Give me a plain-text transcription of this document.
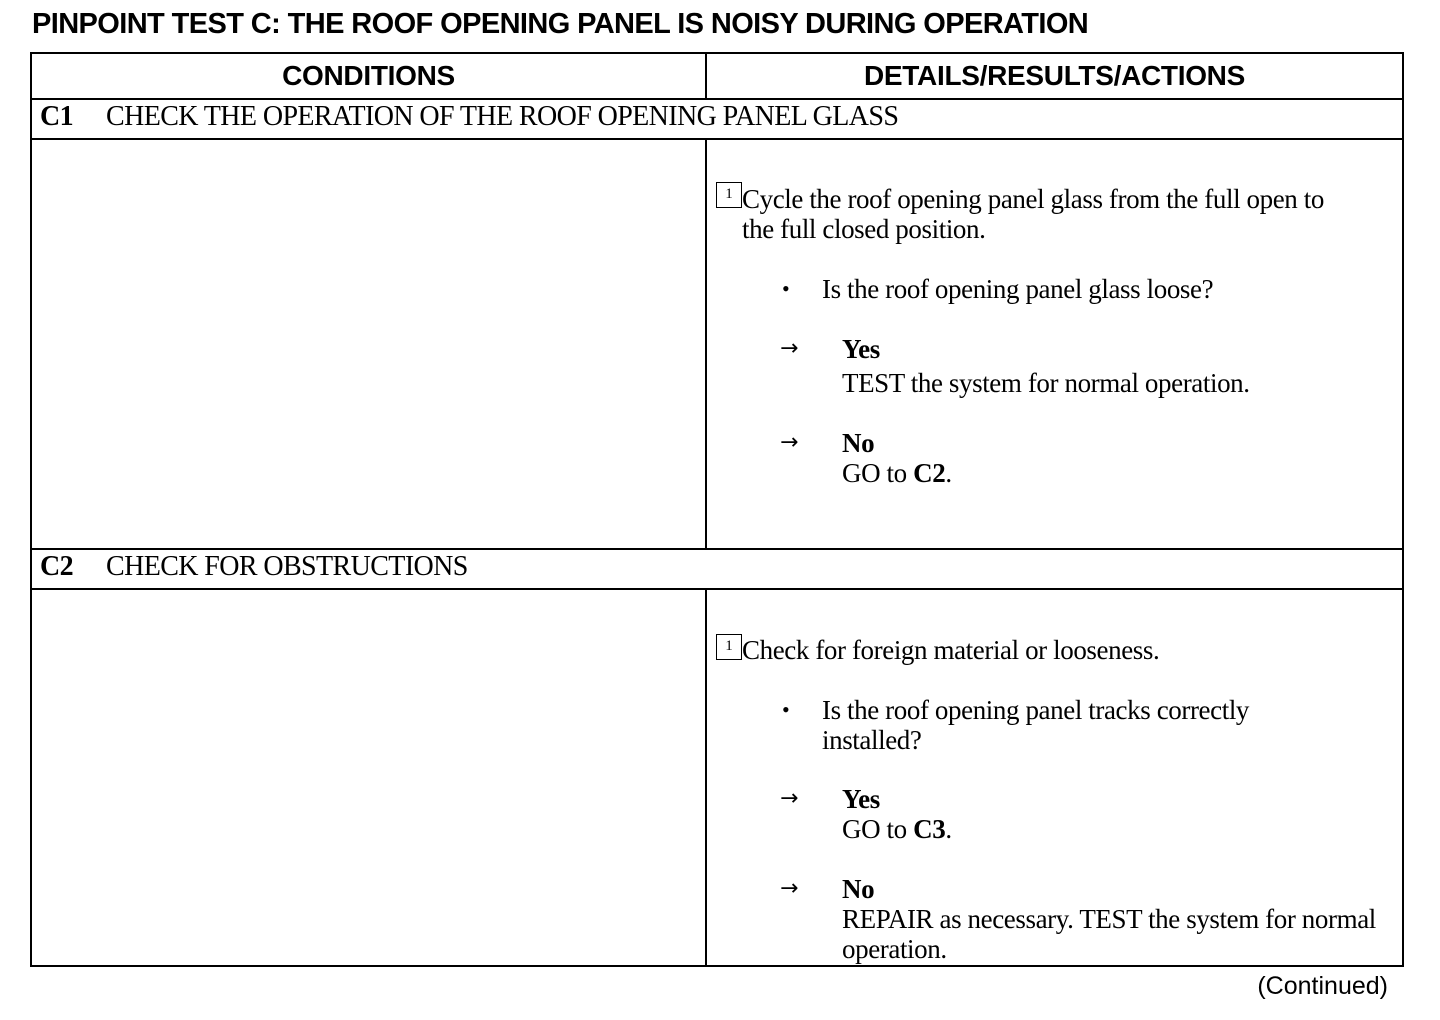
PINPOINT TEST C: THE ROOF OPENING PANEL IS NOISY DURING OPERATION
CONDITIONS	DETAILS/RESULTS/ACTIONS
C1 CHECK THE OPERATION OF THE ROOF OPENING PANEL GLASS
C2 CHECK FOR OBSTRUCTIONS
1 Cycle the roof opening panel glass from the full open to the full closed position.
• Is the roof opening panel glass loose?
→ Yes
TEST the system for normal operation.
→ No
GO to C2.
1 Check for foreign material or looseness.
• Is the roof opening panel tracks correctly installed?
→ Yes
GO to C3.
→ No
REPAIR as necessary. TEST the system for normal operation.
(Continued)
